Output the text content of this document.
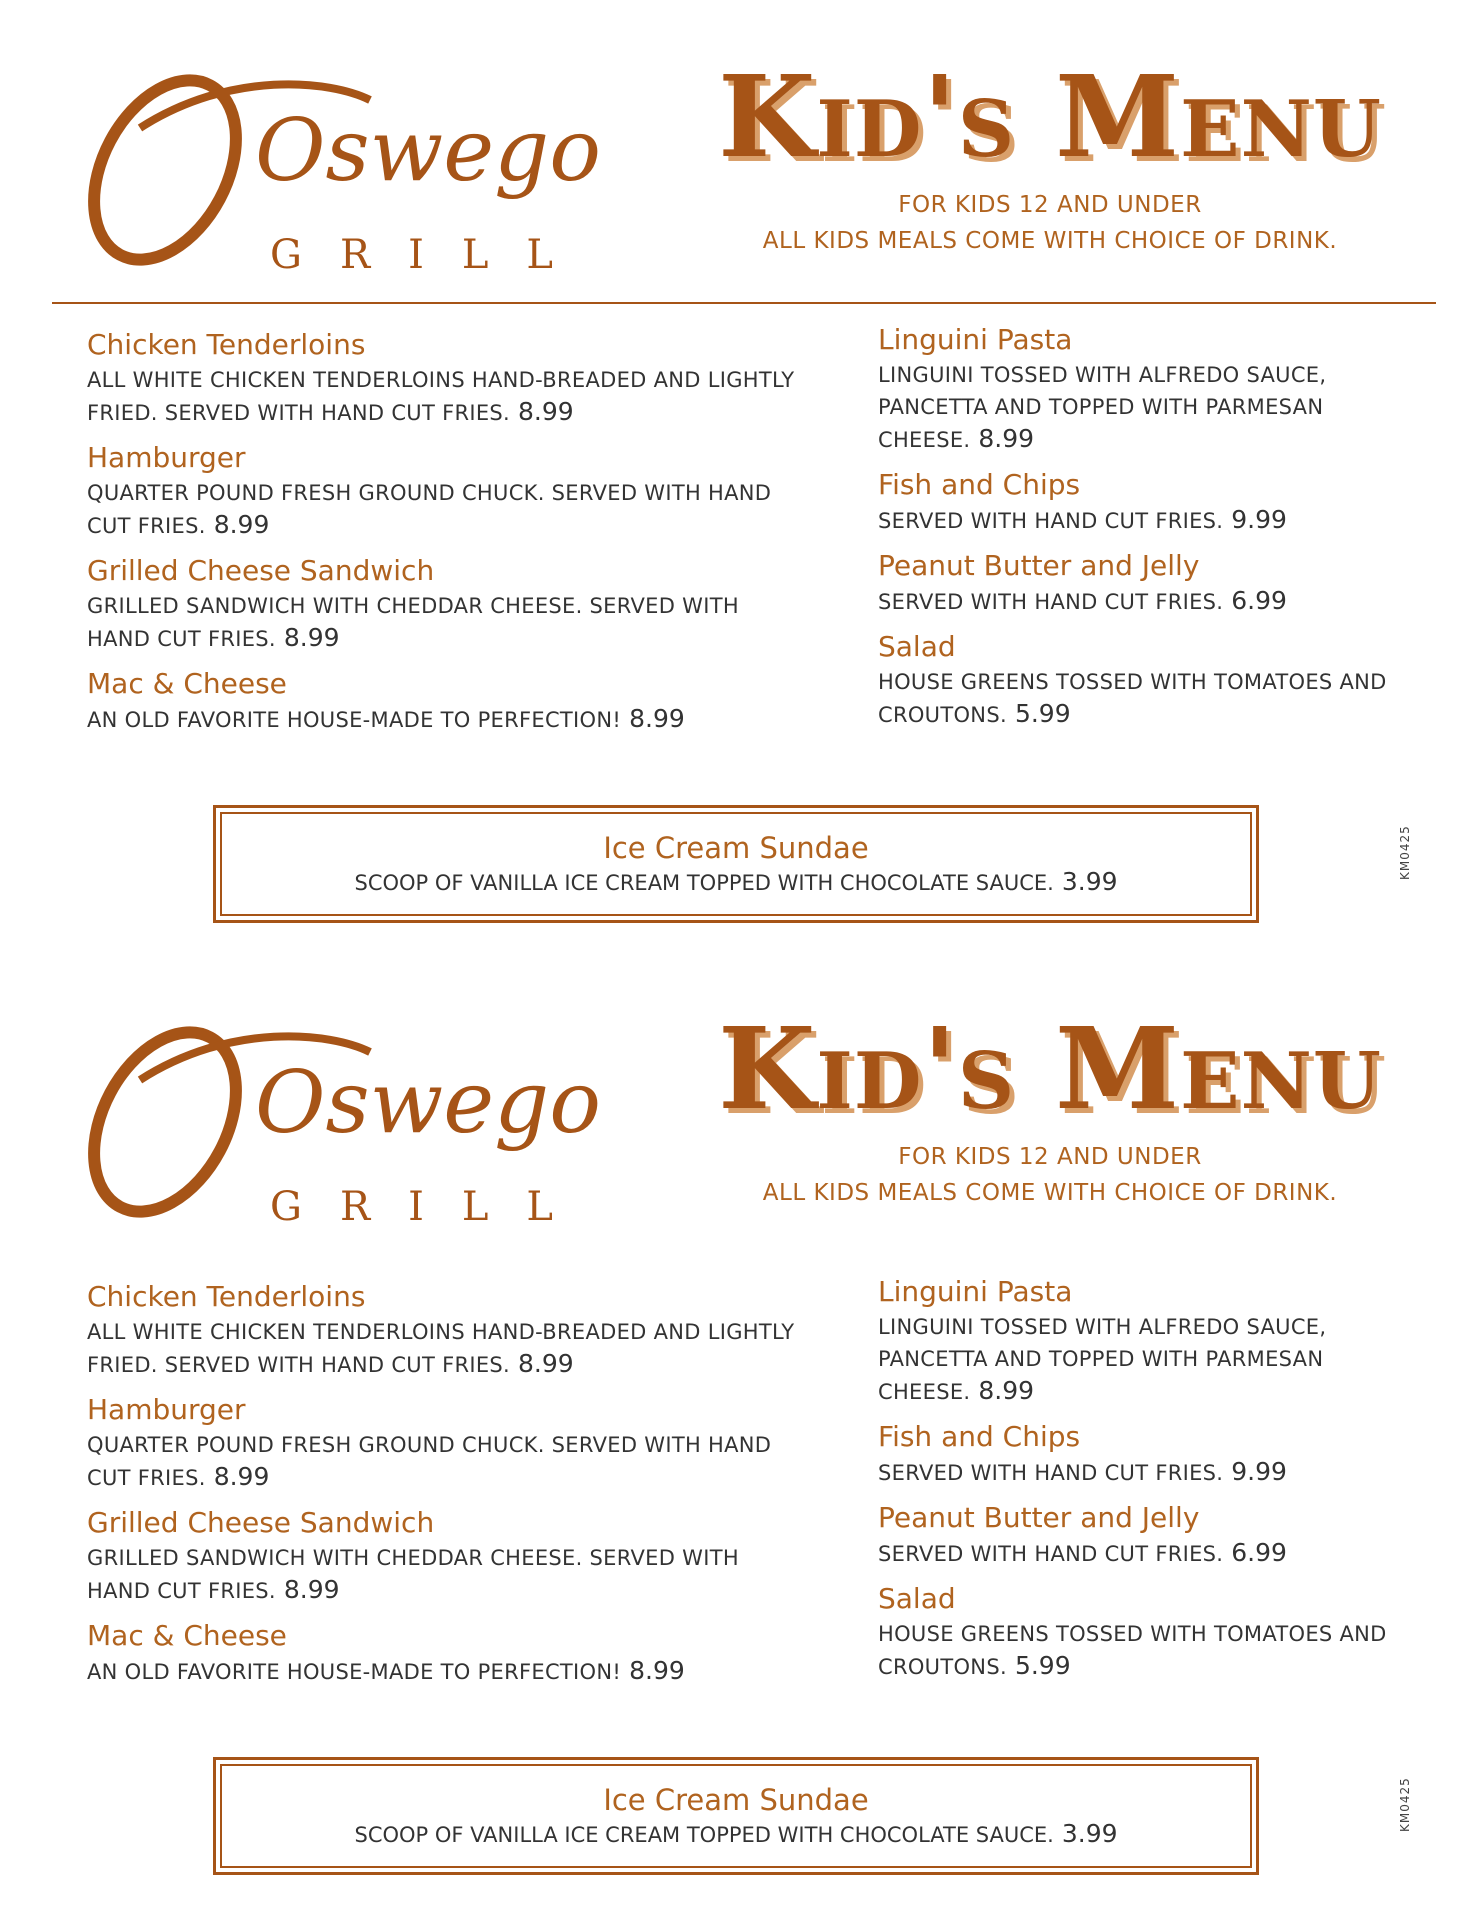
Oswego
GRILL
Kid's Menu
FOR KIDS 12 AND UNDER
ALL KIDS MEALS COME WITH CHOICE OF DRINK.
Chicken Tenderloins
ALL WHITE CHICKEN TENDERLOINS HAND-BREADED AND LIGHTLY FRIED. SERVED WITH HAND CUT FRIES. 8.99
Hamburger
QUARTER POUND FRESH GROUND CHUCK. SERVED WITH HAND CUT FRIES. 8.99
Grilled Cheese Sandwich
GRILLED SANDWICH WITH CHEDDAR CHEESE. SERVED WITH HAND CUT FRIES. 8.99
Mac & Cheese
AN OLD FAVORITE HOUSE-MADE TO PERFECTION! 8.99
Linguini Pasta
LINGUINI TOSSED WITH ALFREDO SAUCE, PANCETTA AND TOPPED WITH PARMESAN CHEESE. 8.99
Fish and Chips
SERVED WITH HAND CUT FRIES. 9.99
Peanut Butter and Jelly
SERVED WITH HAND CUT FRIES. 6.99
Salad
HOUSE GREENS TOSSED WITH TOMATOES AND CROUTONS. 5.99
Ice Cream Sundae
SCOOP OF VANILLA ICE CREAM TOPPED WITH CHOCOLATE SAUCE. 3.99
KM0425
Oswego
GRILL
Kid's Menu
FOR KIDS 12 AND UNDER
ALL KIDS MEALS COME WITH CHOICE OF DRINK.
Chicken Tenderloins
ALL WHITE CHICKEN TENDERLOINS HAND-BREADED AND LIGHTLY FRIED. SERVED WITH HAND CUT FRIES. 8.99
Hamburger
QUARTER POUND FRESH GROUND CHUCK. SERVED WITH HAND CUT FRIES. 8.99
Grilled Cheese Sandwich
GRILLED SANDWICH WITH CHEDDAR CHEESE. SERVED WITH HAND CUT FRIES. 8.99
Mac & Cheese
AN OLD FAVORITE HOUSE-MADE TO PERFECTION! 8.99
Linguini Pasta
LINGUINI TOSSED WITH ALFREDO SAUCE, PANCETTA AND TOPPED WITH PARMESAN CHEESE. 8.99
Fish and Chips
SERVED WITH HAND CUT FRIES. 9.99
Peanut Butter and Jelly
SERVED WITH HAND CUT FRIES. 6.99
Salad
HOUSE GREENS TOSSED WITH TOMATOES AND CROUTONS. 5.99
Ice Cream Sundae
SCOOP OF VANILLA ICE CREAM TOPPED WITH CHOCOLATE SAUCE. 3.99
KM0425
